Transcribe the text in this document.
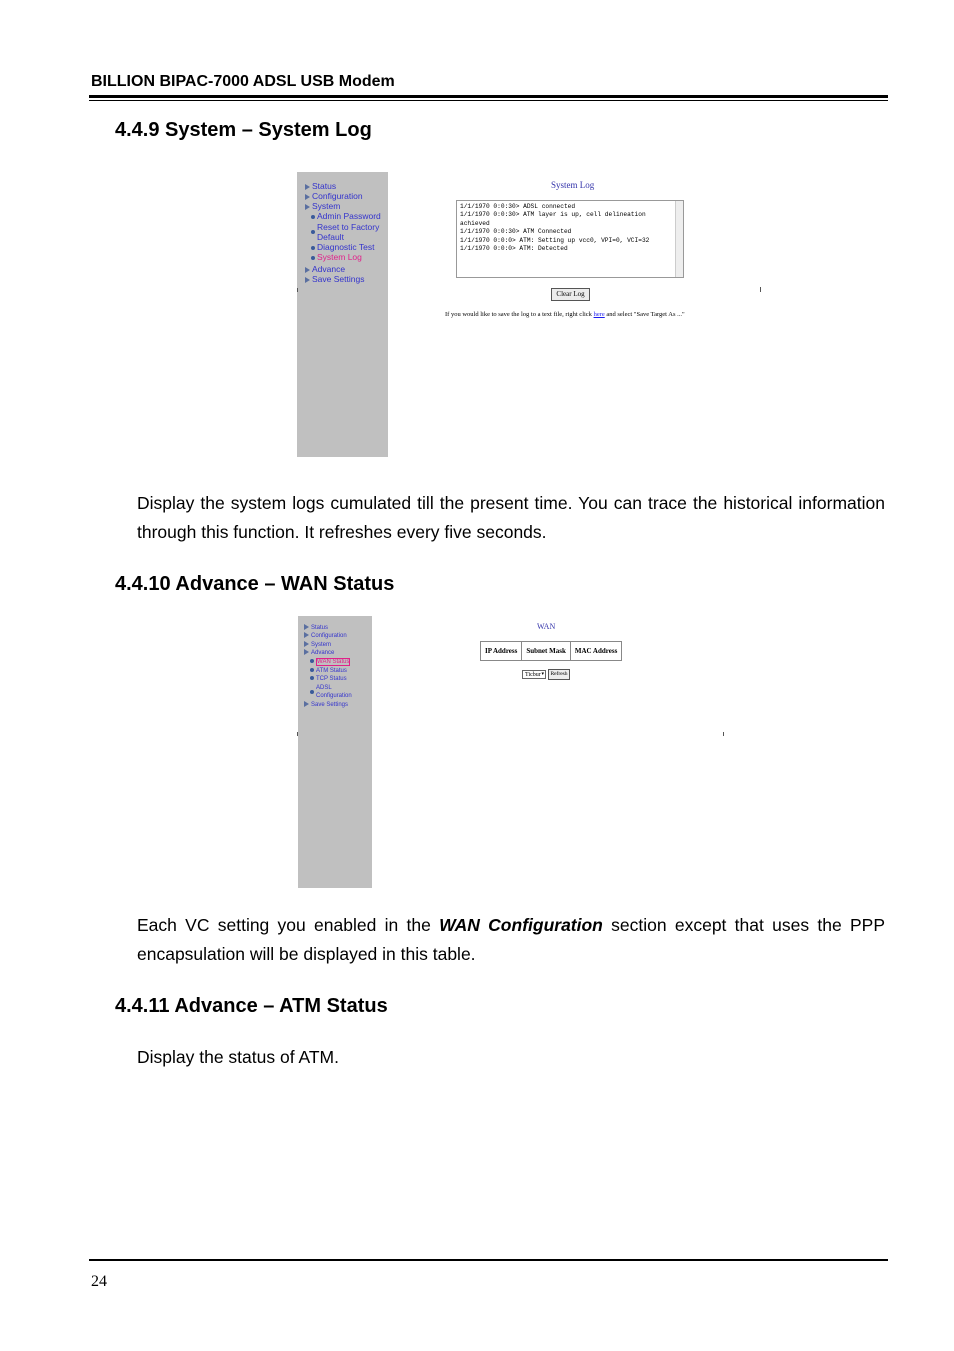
BILLION BIPAC-7000 ADSL USB Modem
4.4.9 System – System Log
Status
Configuration
System
Admin Password
Reset to Factory
Default
Diagnostic Test
System Log
Advance
Save Settings
System Log
1/1/1970 0:0:30> ADSL connected
1/1/1970 0:0:30> ATM layer is up, cell delineation
achieved
1/1/1970 0:0:30> ATM Connected
1/1/1970 0:0:0> ATM: Setting up vcc0, VPI=0, VCI=32
1/1/1970 0:0:0> ATM: Detected
Clear Log
If you would like to save the log to a text file, right click here and select "Save Target As ..."
Display the system logs cumulated till the present time. You can trace the historical information through this function. It refreshes every five seconds.
4.4.10 Advance – WAN Status
Status
Configuration
System
Advance
WAN Status
ATM Status
TCP Status
ADSL
Configuration
Save Settings
WAN
IP Address	Subnet Mask	MAC Address
Ticbur ▾	Refresh
Each VC setting you enabled in the WAN Configuration section except that uses the PPP encapsulation will be displayed in this table.
4.4.11 Advance – ATM Status
Display the status of ATM.
24
